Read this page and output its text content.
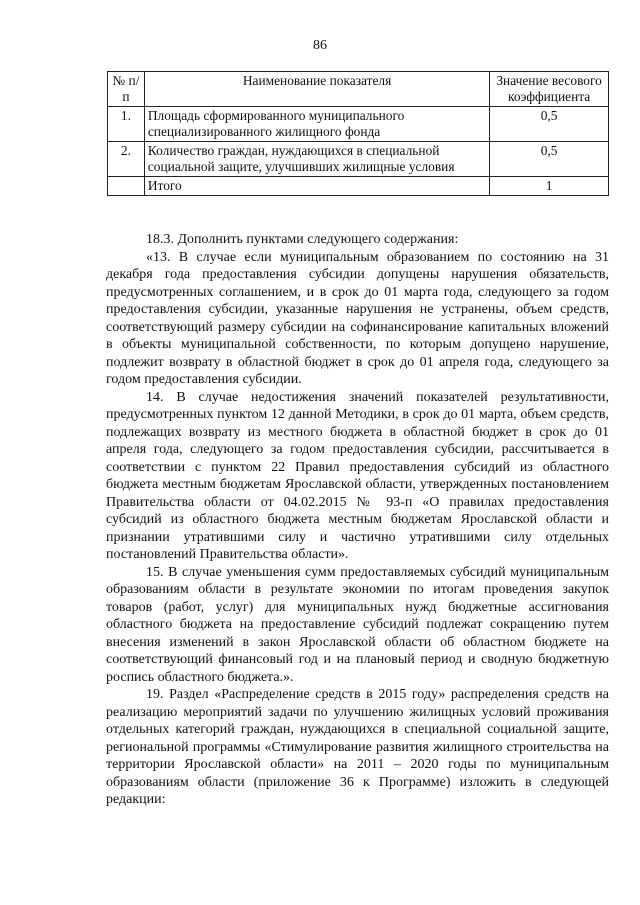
86
№ п/п	Наименование показателя	Значение весового коэффициента
1.	Площадь сформированного муниципального специализированного жилищного фонда	0,5
2.	Количество граждан, нуждающихся в специальной социальной защите, улучшивших жилищные условия	0,5
	Итого	1

18.3. Дополнить пунктами следующего содержания:

«13. В случае если муниципальным образованием по состоянию на 31 декабря года предоставления субсидии допущены нарушения обязательств, предусмотренных соглашением, и в срок до 01 марта года, следующего за годом предоставления субсидии, указанные нарушения не устранены, объем средств, соответствующий размеру субсидии на софинансирование капитальных вложений в объекты муниципальной собственности, по которым допущено нарушение, подлежит возврату в областной бюджет в срок до 01 апреля года, следующего за годом предоставления субсидии.

14. В случае недостижения значений показателей результативности, предусмотренных пунктом 12 данной Методики, в срок до 01 марта, объем средств, подлежащих возврату из местного бюджета в областной бюджет в срок до 01 апреля года, следующего за годом предоставления субсидии, рассчитывается в соответствии с пунктом 22 Правил предоставления субсидий из областного бюджета местным бюджетам Ярославской области, утвержденных постановлением Правительства области от 04.02.2015 № 93-п «О правилах предоставления субсидий из областного бюджета местным бюджетам Ярославской области и признании утратившими силу и частично утратившими силу отдельных постановлений Правительства области».

15. В случае уменьшения сумм предоставляемых субсидий муниципальным образованиям области в результате экономии по итогам проведения закупок товаров (работ, услуг) для муниципальных нужд бюджетные ассигнования областного бюджета на предоставление субсидий подлежат сокращению путем внесения изменений в закон Ярославской области об областном бюджете на соответствующий финансовый год и на плановый период и сводную бюджетную роспись областного бюджета.».

19. Раздел «Распределение средств в 2015 году» распределения средств на реализацию мероприятий задачи по улучшению жилищных условий проживания отдельных категорий граждан, нуждающихся в специальной социальной защите, региональной программы «Стимулирование развития жилищного строительства на территории Ярославской области» на 2011 – 2020 годы по муниципальным образованиям области (приложение 36 к Программе) изложить в следующей редакции:
